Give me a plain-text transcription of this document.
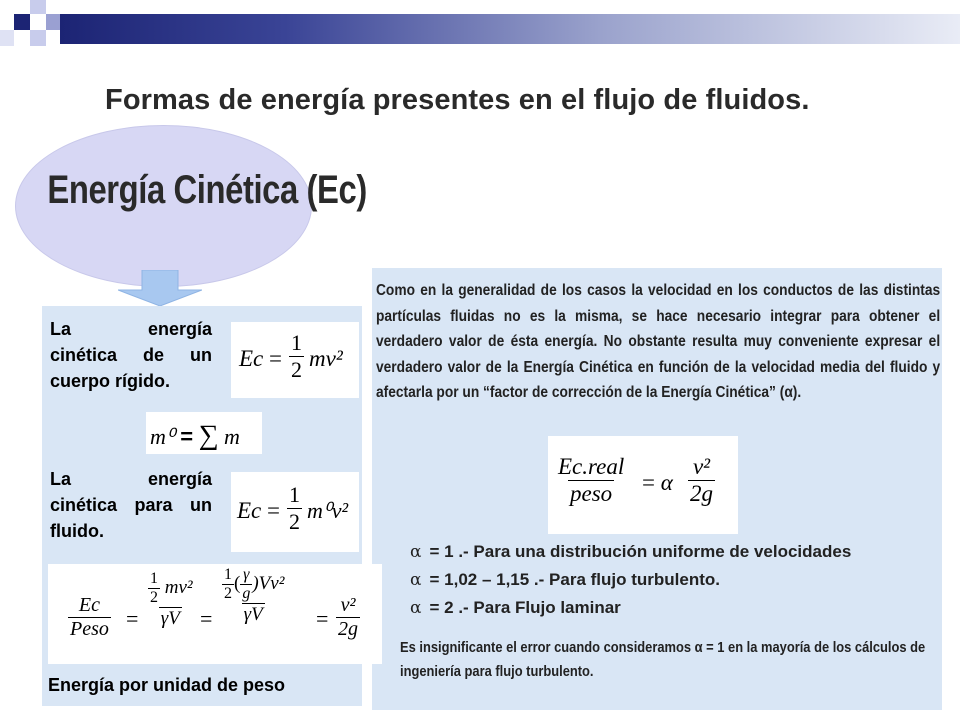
Formas de energía presentes en el flujo de fluidos.
Energía Cinética (Ec)
La energía cinética de un cuerpo rígido.
La energía cinética para un fluido.
Energía por unidad de peso
$Ec = \frac{1}{2} mv^2$
m⁰ = ∑ m
$Ec = \frac{1}{2} m^0v^2$
Ec
Peso = $\frac{\frac{1}{2} mv^2}{\gamma V} = \frac{\frac{1}{2} ( \frac{\gamma}{g} )Vv^2}{\gamma V} = \frac{\text{v²}}{2g}$
Como en la generalidad de los casos la velocidad en los conductos de las distintas partículas fluidas no es la misma, se hace necesario integrar para obtener el verdadero valor de ésta energía. No obstante resulta muy conveniente expresar el verdadero valor de la Energía Cinética en función de la velocidad media del fluido y afectarla por un “factor de corrección de la Energía Cinética” (α).
Ec.real
peso = α $\frac{\text{v²}}{2g}$
α = 1 .- Para una distribución uniforme de velocidades
α = 1,02 – 1,15 .- Para flujo turbulento.
α = 2 .- Para Flujo laminar
Es insignificante el error cuando consideramos α = 1 en la mayoría de los cálculos de ingeniería para flujo turbulento.
